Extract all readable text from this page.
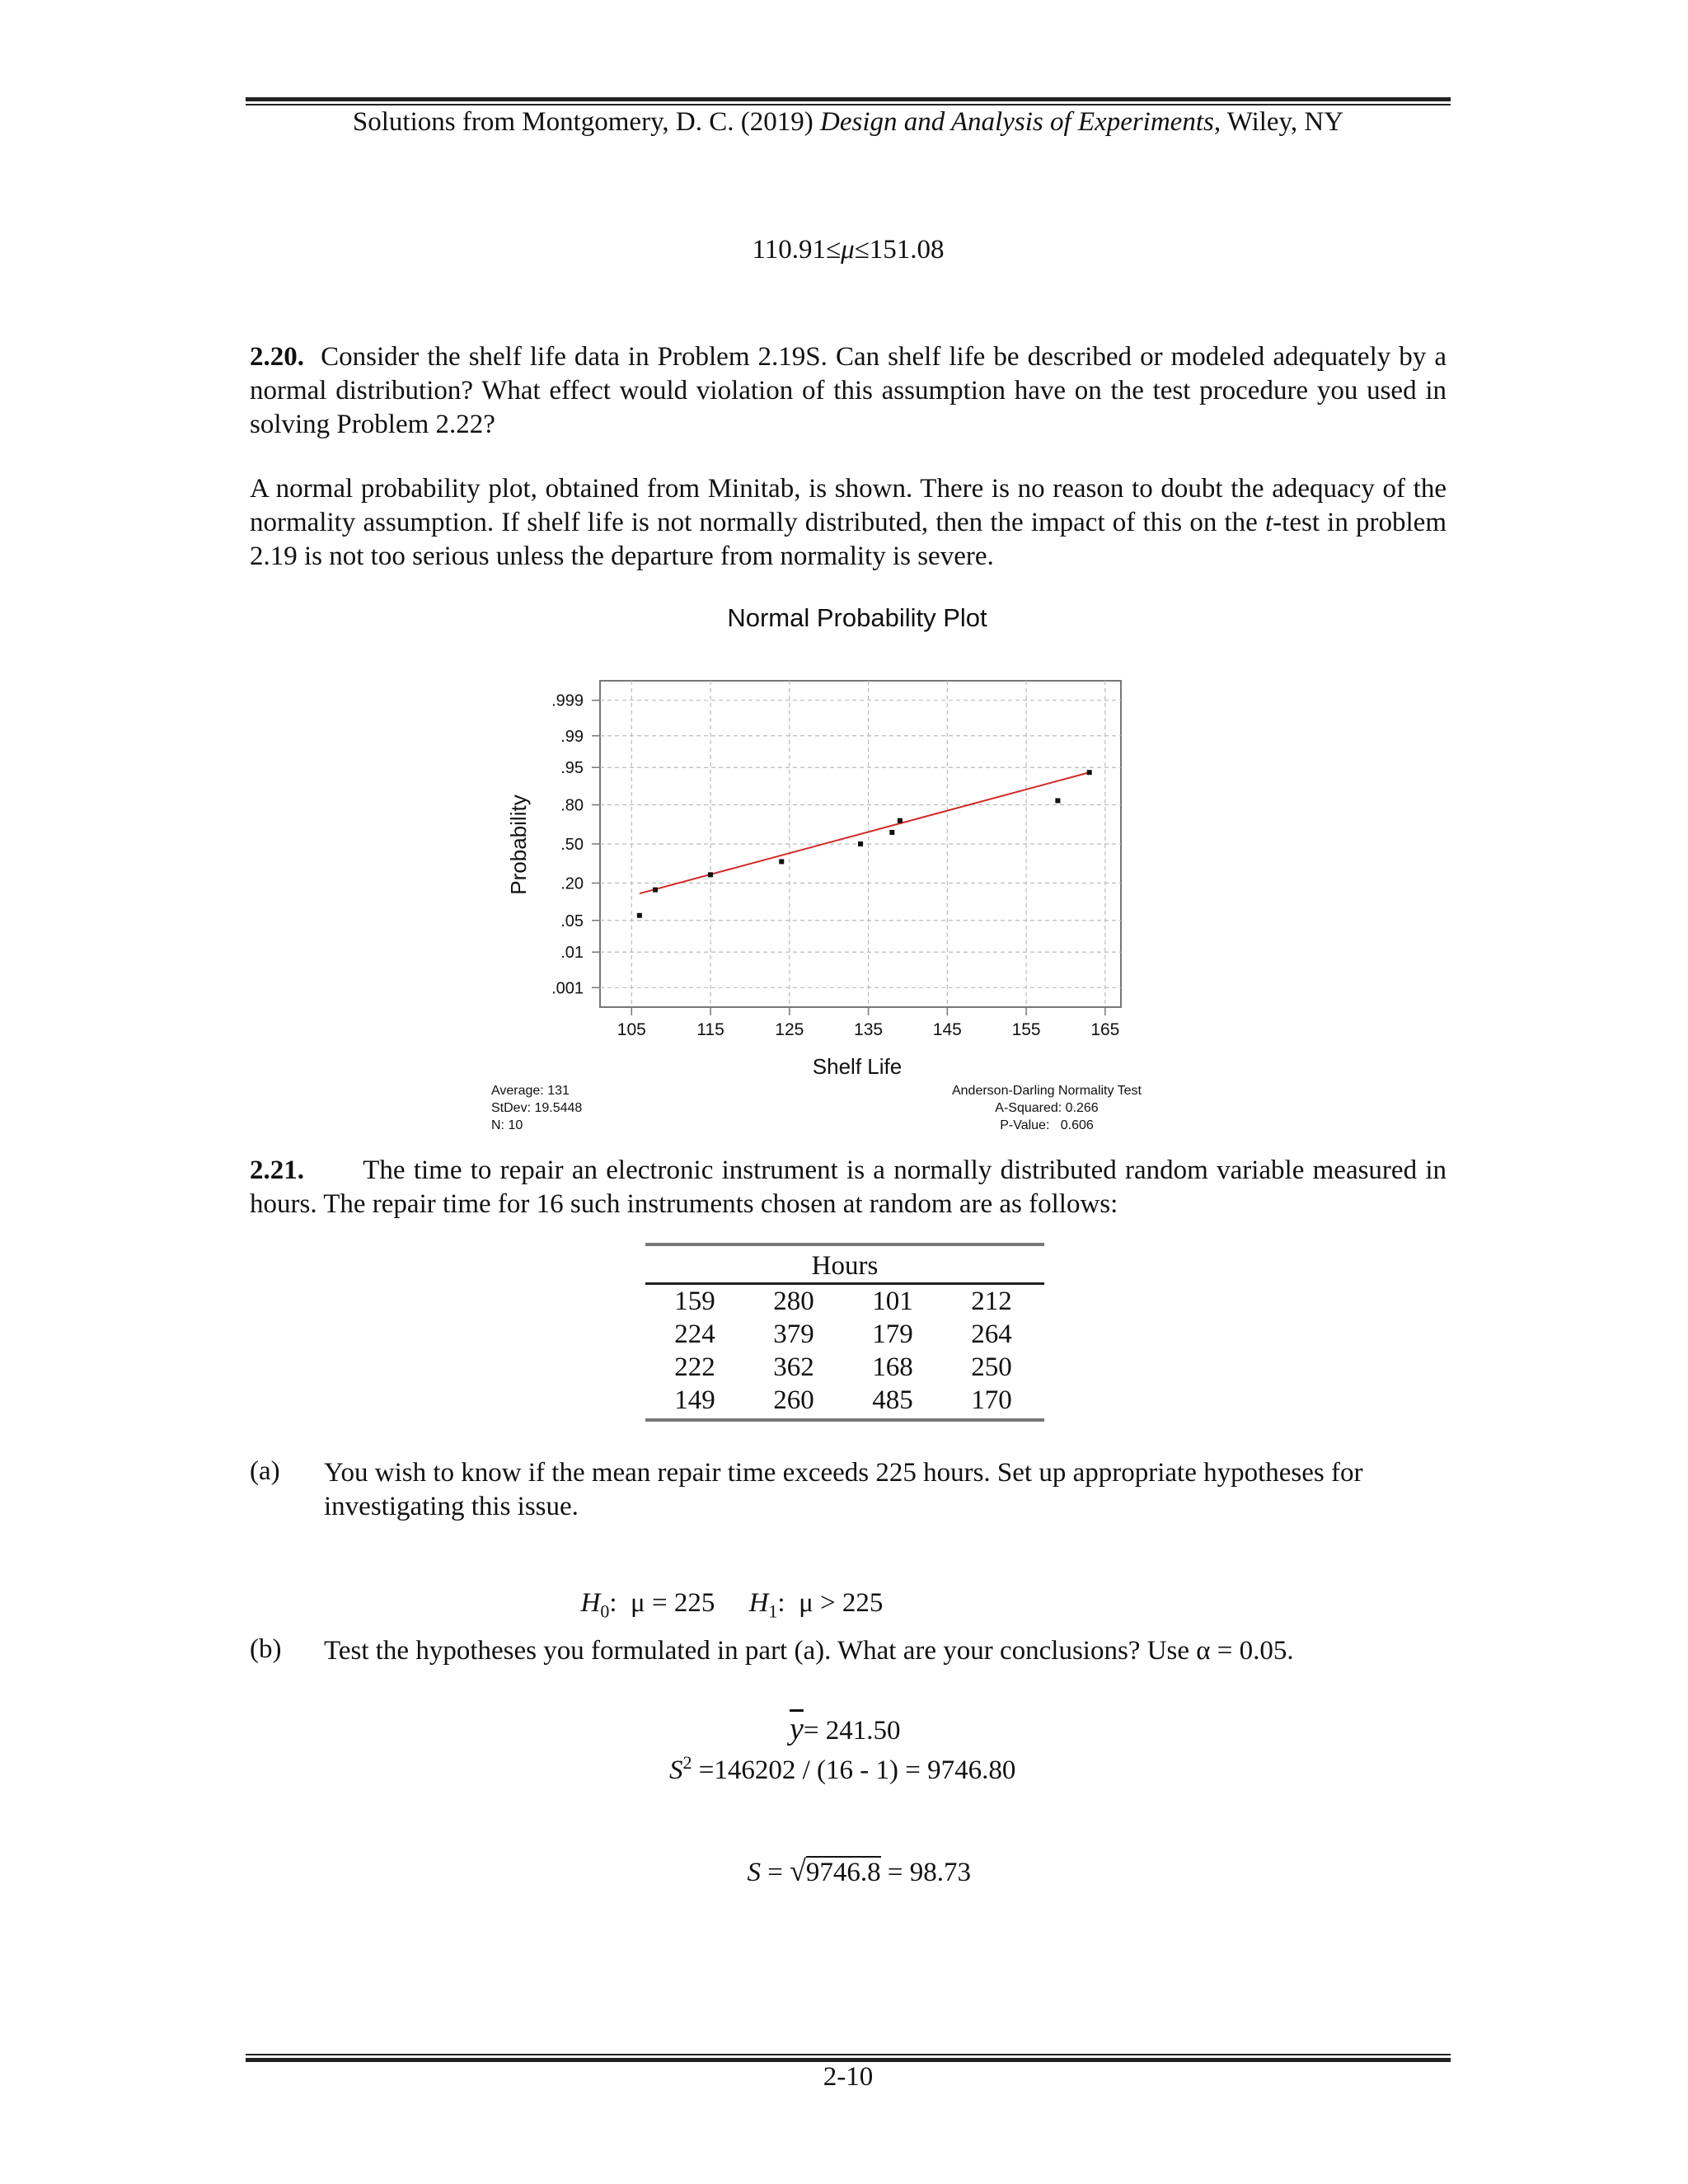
Solutions from Montgomery, D. C. (2019) Design and Analysis of Experiments, Wiley, NY
110.91≤μ≤151.08
2.20. Consider the shelf life data in Problem 2.19S. Can shelf life be described or modeled adequately by a normal distribution? What effect would violation of this assumption have on the test procedure you used in solving Problem 2.22?
A normal probability plot, obtained from Minitab, is shown. There is no reason to doubt the adequacy of the normality assumption. If shelf life is not normally distributed, then the impact of this on the t-test in problem 2.19 is not too serious unless the departure from normality is severe.
Normal Probability Plot
.999
.99
.95
.80
.50
.20
.05
.01
.001
105	115	125	135	145	155	165
Shelf Life
Probability
Average: 131
StDev: 19.5448
N: 10
Anderson-Darling Normality Test
A-Squared: 0.266
P-Value:   0.606
2.21. The time to repair an electronic instrument is a normally distributed random variable measured in hours. The repair time for 16 such instruments chosen at random are as follows:
Hours
159	280	101	212
224	379	179	264
222	362	168	250
149	260	485	170
(a) You wish to know if the mean repair time exceeds 225 hours. Set up appropriate hypotheses for investigating this issue.

$H_0$:  μ = 225 $H_1$:  μ > 225

(b) Test the hypotheses you formulated in part (a). What are your conclusions? Use α = 0.05.
$\overline{y}= 241.50$
$S^2 =146202 / (16 - 1) = 9746.80$

S = √9746.8 = 98.73

2-10
